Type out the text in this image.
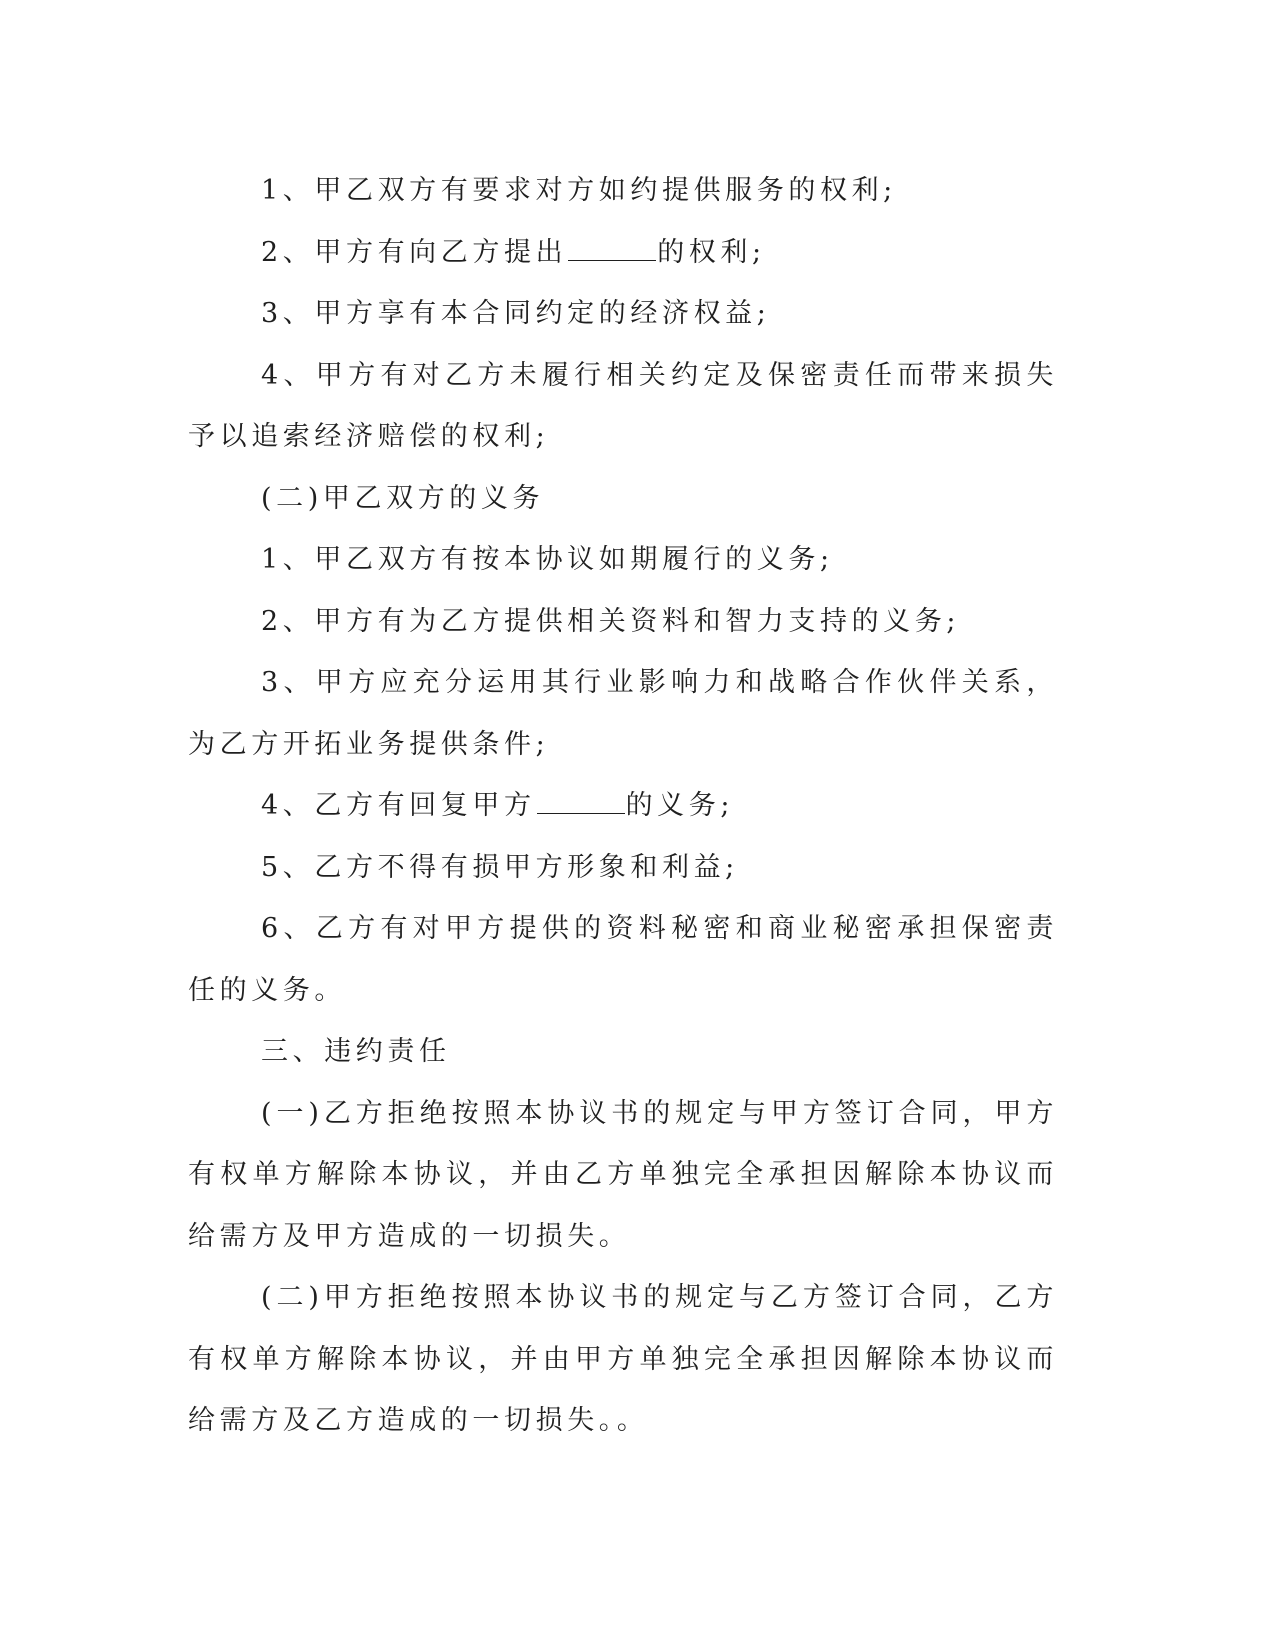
1、甲乙双方有要求对方如约提供服务的权利;

2、甲方有向乙方提出	的权利;

3、甲方享有本合同约定的经济权益;

4、甲方有对乙方未履行相关约定及保密责任而带来损失予以追索经济赔偿的权利;

(二)甲乙双方的义务

1、甲乙双方有按本协议如期履行的义务;

2、甲方有为乙方提供相关资料和智力支持的义务;

3、甲方应充分运用其行业影响力和战略合作伙伴关系，为乙方开拓业务提供条件;

4、乙方有回复甲方	的义务;

5、乙方不得有损甲方形象和利益;

6、乙方有对甲方提供的资料秘密和商业秘密承担保密责任的义务。

三、违约责任

(一)乙方拒绝按照本协议书的规定与甲方签订合同，甲方有权单方解除本协议，并由乙方单独完全承担因解除本协议而给需方及甲方造成的一切损失。

(二)甲方拒绝按照本协议书的规定与乙方签订合同，乙方有权单方解除本协议，并由甲方单独完全承担因解除本协议而给需方及乙方造成的一切损失。。
